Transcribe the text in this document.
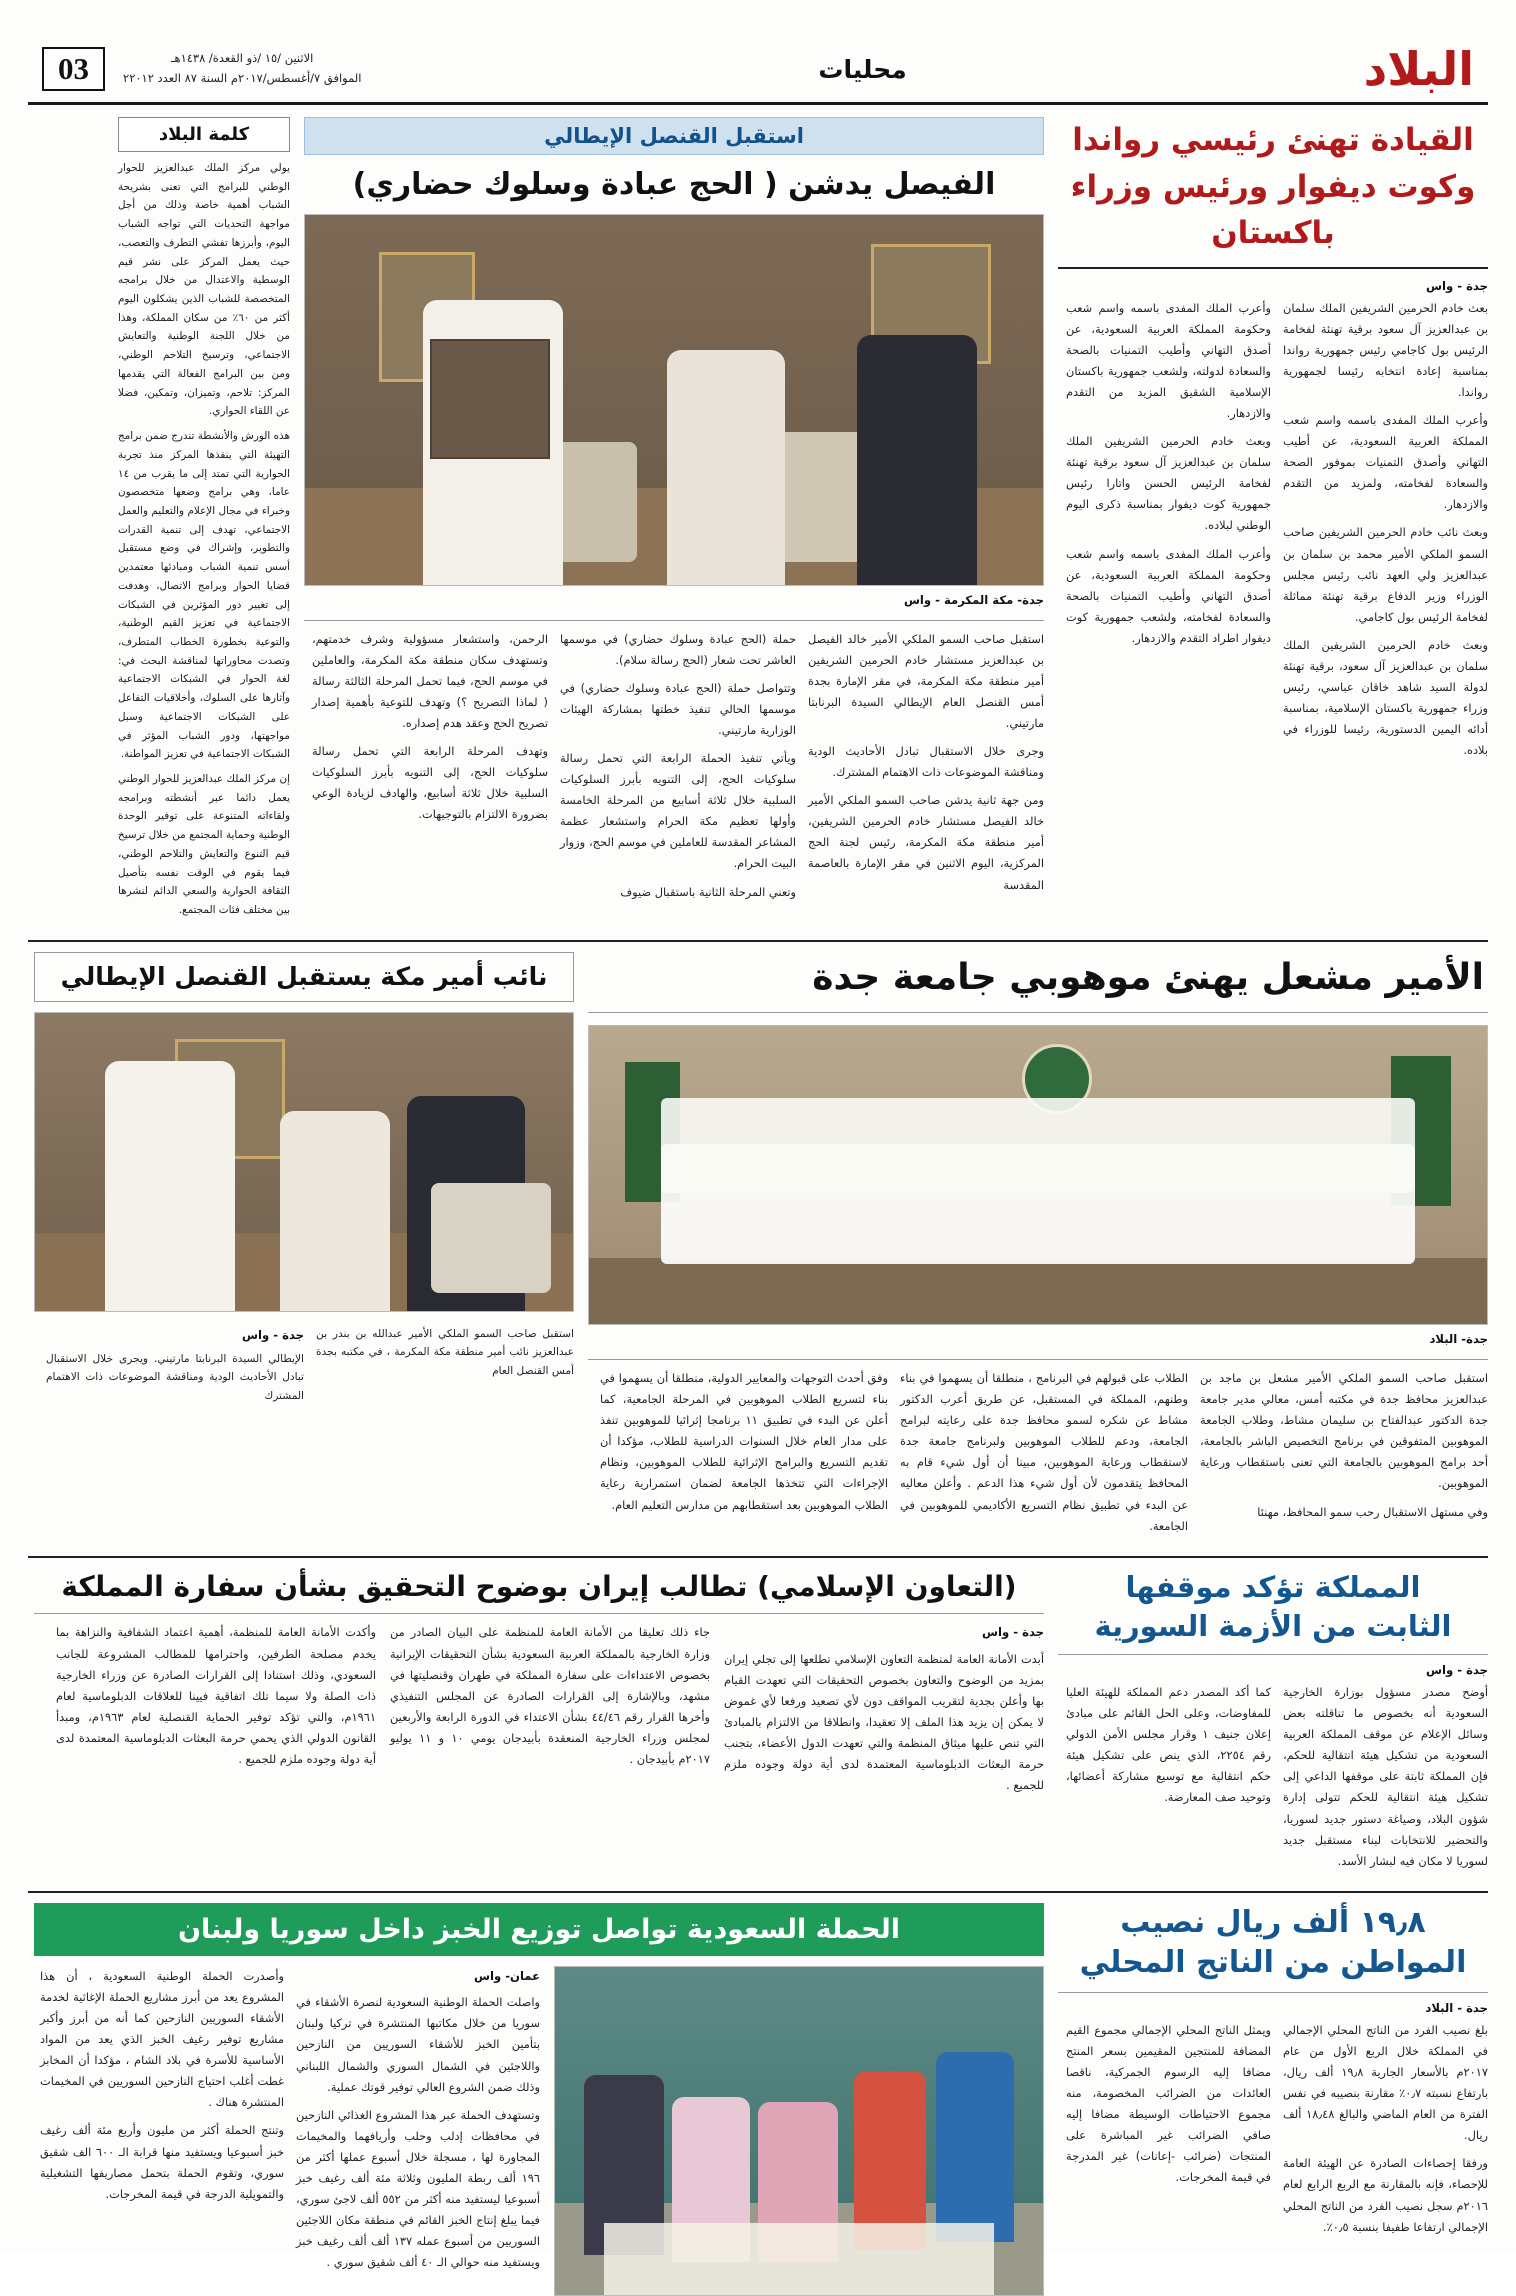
البلاد
محليات
الاثنين /١٥ /ذو القعدة/ ١٤٣٨هـ
الموافق ٧/أغسطس/٢٠١٧م السنة ٨٧ العدد ٢٢٠١٢
03
القيادة تهنئ رئيسي رواندا وكوت ديفوار ورئيس وزراء باكستان
جدة - واس

بعث خادم الحرمين الشريفين الملك سلمان بن عبدالعزيز آل سعود برقية تهنئة لفخامة الرئيس بول كاجامي رئيس جمهورية رواندا بمناسبة إعادة انتخابه رئيسا لجمهورية رواندا.

وأعرب الملك المفدى باسمه واسم شعب المملكة العربية السعودية، عن أطيب التهاني وأصدق التمنيات بموفور الصحة والسعادة لفخامته، ولمزيد من التقدم والازدهار.

وبعث نائب خادم الحرمين الشريفين صاحب السمو الملكي الأمير محمد بن سلمان بن عبدالعزيز ولي العهد نائب رئيس مجلس الوزراء وزير الدفاع برقية تهنئة مماثلة لفخامة الرئيس بول كاجامي.

وبعث خادم الحرمين الشريفين الملك سلمان بن عبدالعزيز آل سعود، برقية تهنئة لدولة السيد شاهد خاقان عباسي، رئيس وزراء جمهورية باكستان الإسلامية، بمناسبة أدائه اليمين الدستورية، رئيسا للوزراء في بلاده.

وأعرب الملك المفدى باسمه واسم شعب وحكومة المملكة العربية السعودية، عن أصدق التهاني وأطيب التمنيات بالصحة والسعادة لدولته، ولشعب جمهورية باكستان الإسلامية الشقيق المزيد من التقدم والازدهار.

وبعث خادم الحرمين الشريفين الملك سلمان بن عبدالعزيز آل سعود برقية تهنئة لفخامة الرئيس الحسن واتارا رئيس جمهورية كوت ديفوار بمناسبة ذكرى اليوم الوطني لبلاده.

وأعرب الملك المفدى باسمه واسم شعب وحكومة المملكة العربية السعودية، عن أصدق التهاني وأطيب التمنيات بالصحة والسعادة لفخامته، ولشعب جمهورية كوت ديفوار اطراد التقدم والازدهار.

استقبل القنصل الإيطالي
الفيصل يدشن ( الحج عبادة وسلوك حضاري)
جدة- مكة المكرمة - واس

استقبل صاحب السمو الملكي الأمير خالد الفيصل بن عبدالعزيز مستشار خادم الحرمين الشريفين أمير منطقة مكة المكرمة، في مقر الإمارة بجدة أمس القنصل العام الإيطالي السيدة البرنابتا مارتيني.

وجرى خلال الاستقبال تبادل الأحاديث الودية ومناقشة الموضوعات ذات الاهتمام المشترك.

ومن جهة ثانية يدشن صاحب السمو الملكي الأمير خالد الفيصل مستشار خادم الحرمين الشريفين، أمير منطقة مكة المكرمة، رئيس لجنة الحج المركزية، اليوم الاثنين في مقر الإمارة بالعاصمة المقدسة

حملة (الحج عبادة وسلوك حضاري) في موسمها العاشر تحت شعار (الحج رسالة سلام).

وتتواصل حملة (الحج عبادة وسلوك حضاري) في موسمها الحالي تنفيذ خطتها بمشاركة الهيئات الوزارية مارتيني.

ويأتي تنفيذ الحملة الرابعة التي تحمل رسالة سلوكيات الحج، إلى التنويه بأبرز السلوكيات السلبية خلال ثلاثة أسابيع من المرحلة الخامسة وأولها تعظيم مكة الحرام واستشعار عظمة المشاعر المقدسة للعاملين في موسم الحج، وزوار البيت الحرام.

وتعني المرحلة الثانية باستقبال ضيوف

الرحمن، واستشعار مسؤولية وشرف خدمتهم، وتستهدف سكان منطقة مكة المكرمة، والعاملين في موسم الحج، فيما تحمل المرحلة الثالثة رسالة ( لماذا التصريح ؟) وتهدف للتوعية بأهمية إصدار تصريح الحج وعقد هدم إصداره.

وتهدف المرحلة الرابعة التي تحمل رسالة سلوكيات الحج، إلى التنويه بأبرز السلوكيات السلبية خلال ثلاثة أسابيع، والهادف لزيادة الوعي بضرورة الالتزام بالتوجيهات.

كلمة البلاد

يولي مركز الملك عبدالعزيز للحوار الوطني للبرامج التي تعنى بشريحة الشباب أهمية خاصة وذلك من أجل مواجهة التحديات التي تواجه الشباب اليوم، وأبرزها تفشي التطرف والتعصب، حيث يعمل المركز على نشر قيم الوسطية والاعتدال من خلال برامجه المتخصصة للشباب الذين يشكلون اليوم أكثر من ٦٠٪ من سكان المملكة، وهذا من خلال اللجنة الوطنية والتعايش الاجتماعي، وترسيخ التلاحم الوطني، ومن بين البرامج الفعالة التي يقدمها المركز: تلاحم، وتميزان، وتمكين، فضلا عن اللقاء الحواري.

هذه الورش والأنشطة تندرج ضمن برامج التهيئة التي ينفذها المركز منذ تجربة الحوارية التي تمتد إلى ما يقرب من ١٤ عاما، وهي برامج وضعها متخصصون وخبراء في مجال الإعلام والتعليم والعمل الاجتماعي، تهدف إلى تنمية القدرات والتطوير، وإشراك في وضع مستقبل أسس تنمية الشباب ومبادئها معتمدين قضايا الحوار وبرامج الاتصال، وهدفت إلى تغيير دور المؤثرين في الشبكات الاجتماعية في تعزيز القيم الوطنية، والتوعية بخطورة الخطاب المتطرف، وتصدت محاوراتها لمناقشة البحث في: لغة الحوار في الشبكات الاجتماعية وآثارها على السلوك، وأخلاقيات التفاعل على الشبكات الاجتماعية وسبل مواجهتها، ودور الشباب المؤثر في الشبكات الاجتماعية في تعزيز المواطنة.

إن مركز الملك عبدالعزيز للحوار الوطني يعمل دائما عبر أنشطته وبرامجه ولقاءاته المتنوعة على توفير الوحدة الوطنية وحماية المجتمع من خلال ترسيخ قيم التنوع والتعايش والتلاحم الوطني، فيما يقوم في الوقت نفسه بتأصيل الثقافة الحوارية والسعي الدائم لنشرها بين مختلف فئات المجتمع.

الأمير مشعل يهنئ موهوبي جامعة جدة
جدة- البلاد

استقبل صاحب السمو الملكي الأمير مشعل بن ماجد بن عبدالعزيز محافظ جدة في مكتبه أمس، معالي مدير جامعة جدة الدكتور عبدالفتاح بن سليمان مشاط، وطلاب الجامعة الموهوبين المتفوقين في برنامج التخصيص الباشر بالجامعة، أحد برامج الموهوبين بالجامعة التي تعنى باستقطاب ورعاية الموهوبين.

وفي مستهل الاستقبال رحب سمو المحافظ، مهنئا

الطلاب على قبولهم في البرنامج ، منطلقا أن يسهموا في بناء وطنهم، المملكة في المستقبل، عن طريق أعرب الدكتور مشاط عن شكره لسمو محافظ جدة على رعايته لبرامج الجامعة، ودعم للطلاب الموهوبين ولبرنامج جامعة جدة لاستقطاب ورعاية الموهوبين، مبينا أن أول شيء قام به المحافظ يتقدمون لأن أول شيء هذا الدعم . وأعلن معاليه عن البدء في تطبيق نظام التسريع الأكاديمي للموهوبين في الجامعة.

وفق أحدث التوجهات والمعايير الدولية، منطلقا أن يسهموا في بناء لتسريع الطلاب الموهوبين في المرحلة الجامعية، كما أعلن عن البدء في تطبيق ١١ برنامجا إثرائيا للموهوبين تنفذ على مدار العام خلال السنوات الدراسية للطلاب، مؤكدا أن تقديم التسريع والبرامج الإثرائية للطلاب الموهوبين، ونظام الإجراءات التي تتخذها الجامعة لضمان استمرارية رعاية الطلاب الموهوبين بعد استقطابهم من مدارس التعليم العام.

نائب أمير مكة يستقبل القنصل الإيطالي
استقبل صاحب السمو الملكي الأمير عبدالله بن بندر بن عبدالعزيز نائب أمير منطقة مكة المكرمة ، في مكتبه بجدة أمس القنصل العام
جدة - واس
الإيطالي السيدة البرنابتا مارتيني. ويجرى خلال الاستقبال تبادل الأحاديث الودية ومناقشة الموضوعات ذات الاهتمام المشترك
المملكة تؤكد موقفها
الثابت من الأزمة السورية
جدة - واس

أوضح مصدر مسؤول بوزارة الخارجية السعودية أنه بخصوص ما تناقلته بعض وسائل الإعلام عن موقف المملكة العربية السعودية من تشكيل هيئة انتقالية للحكم، فإن المملكة ثابتة على موقفها الداعي إلى تشكيل هيئة انتقالية للحكم تتولى إدارة شؤون البلاد، وصياغة دستور جديد لسوريا، والتحضير للانتخابات لبناء مستقبل جديد لسوريا لا مكان فيه لبشار الأسد.

كما أكد المصدر دعم المملكة للهيئة العليا للمفاوضات، وعلى الحل القائم على مبادئ إعلان جنيف ١ وقرار مجلس الأمن الدولي رقم ٢٢٥٤، الذي ينص على تشكيل هيئة حكم انتقالية مع توسيع مشاركة أعضائها، وتوحيد صف المعارضة.

(التعاون الإسلامي) تطالب إيران بوضوح التحقيق بشأن سفارة المملكة
جدة - واس

أبدت الأمانة العامة لمنظمة التعاون الإسلامي تطلعها إلى تجلي إيران بمزيد من الوضوح والتعاون بخصوص التحقيقات التي تعهدت القيام بها وأعلن بجدية لتقريب المواقف دون لأي تصعيد ورفعا لأي غموض لا يمكن إن يزيد هذا الملف إلا تعقيدا، وانطلاقا من الالتزام بالمبادئ التي تنص عليها ميثاق المنظمة والتي تعهدت الدول الأعضاء، بتجنب حرمة البعثات الدبلوماسية المعتمدة لدى أية دولة وجوده ملزم للجميع .

جاء ذلك تعليقا من الأمانة العامة للمنظمة على البيان الصادر من وزارة الخارجية بالمملكة العربية السعودية بشأن التحقيقات الإيرانية بخصوص الاعتداءات على سفارة المملكة في طهران وقنصليتها في مشهد، وبالإشارة إلى القرارات الصادرة عن المجلس التنفيذي وأخرها القرار رقم ٤٤/٤٦ بشأن الاعتداء في الدورة الرابعة والأربعين لمجلس وزراء الخارجية المنعقدة بأبيدجان يومي ١٠ و ١١ يوليو ٢٠١٧م بأبيدجان .

وأكدت الأمانة العامة للمنظمة، أهمية اعتماد الشفافية والنزاهة بما يخدم مصلحة الطرفين، واحترامها للمطالب المشروعة للجانب السعودي، وذلك استنادا إلى القرارات الصادرة عن وزراء الخارجية ذات الصلة ولا سيما تلك اتفاقية فيينا للعلاقات الدبلوماسية لعام ١٩٦١م، والتي تؤكد توفير الحماية القنصلية لعام ١٩٦٣م، ومبدأ القانون الدولي الذي يحمي حرمة البعثات الدبلوماسية المعتمدة لدى أية دولة وجوده ملزم للجميع .

١٩٫٨ ألف ريال نصيب
المواطن من الناتج المحلي
جدة - البلاد

بلغ نصيب الفرد من الناتج المحلي الإجمالي في المملكة خلال الربع الأول من عام ٢٠١٧م بالأسعار الجارية ١٩٫٨ ألف ريال، بارتفاع نسبته ٠٫٧٪ مقارنة بنصيبه في نفس الفترة من العام الماضي والبالغ ١٨٫٤٨ ألف ريال.

ورفقا إحصاءات الصادرة عن الهيئة العامة للإحصاء، فإنه بالمقارنة مع الربع الرابع لعام ٢٠١٦م سجل نصيب الفرد من الناتج المحلي الإجمالي ارتفاعا طفيفا بنسبة ٠٫٥٪.

ويمثل الناتج المحلي الإجمالي مجموع القيم المضافة للمنتجين المقيمين بسعر المنتج مضافا إليه الرسوم الجمركية، ناقصا العائدات من الضرائب المخصومة، منه مجموع الاحتياطات الوسيطة مضافا إليه صافي الضرائب غير المباشرة على المنتجات (ضرائب -إعانات) غير المدرجة في قيمة المخرجات.

الحملة السعودية تواصل توزيع الخبز داخل سوريا ولبنان
عمان- واس

واصلت الحملة الوطنية السعودية لنصرة الأشقاء في سوريا من خلال مكاتبها المنتشرة في تركيا ولبنان بتأمين الخبز للأشقاء السوريين من النازحين واللاجئين في الشمال السوري والشمال اللبناني وذلك ضمن الشروع العالي توفير قوتك عملية.

وتستهدف الحملة عبر هذا المشروع الغذائي النازحين في محافظات إدلب وحلب وأريافهما والمخيمات المجاورة لها ، مسجلة خلال أسبوع عملها أكثر من ١٩٦ ألف ربطة المليون وثلاثة مئة ألف رغيف خبز أسبوعيا ليستفيد منه أكثر من ٥٥٢ ألف لاجئ سوري، فيما يبلغ إنتاج الخبز القائم في منطقة مكان اللاجئين السوريين من أسبوع عمله ١٣٧ ألف ألف رغيف خبز ويستفيد منه حوالي الـ ٤٠ ألف شقيق سوري .

وأصدرت الحملة الوطنية السعودية ، أن هذا المشروع يعد من أبرز مشاريع الحملة الإغاثية لخدمة الأشقاء السوريين النازحين كما أنه من أبرز وأكبر مشاريع توفير رغيف الخبز الذي يعد من المواد الأساسية للأسرة في بلاد الشام ، مؤكدا أن المخابز غطت أغلب احتياج النازحين السوريين في المخيمات المنتشرة هناك .

وتنتج الحملة أكثر من مليون وأربع مئة ألف رغيف خبز أسبوعيا ويستفيد منها قرابة الـ ٦٠٠ الف شقيق سوري، وتقوم الحملة بتحمل مصاريفها التشغيلية والتمويلية الدرجة في قيمة المخرجات.
